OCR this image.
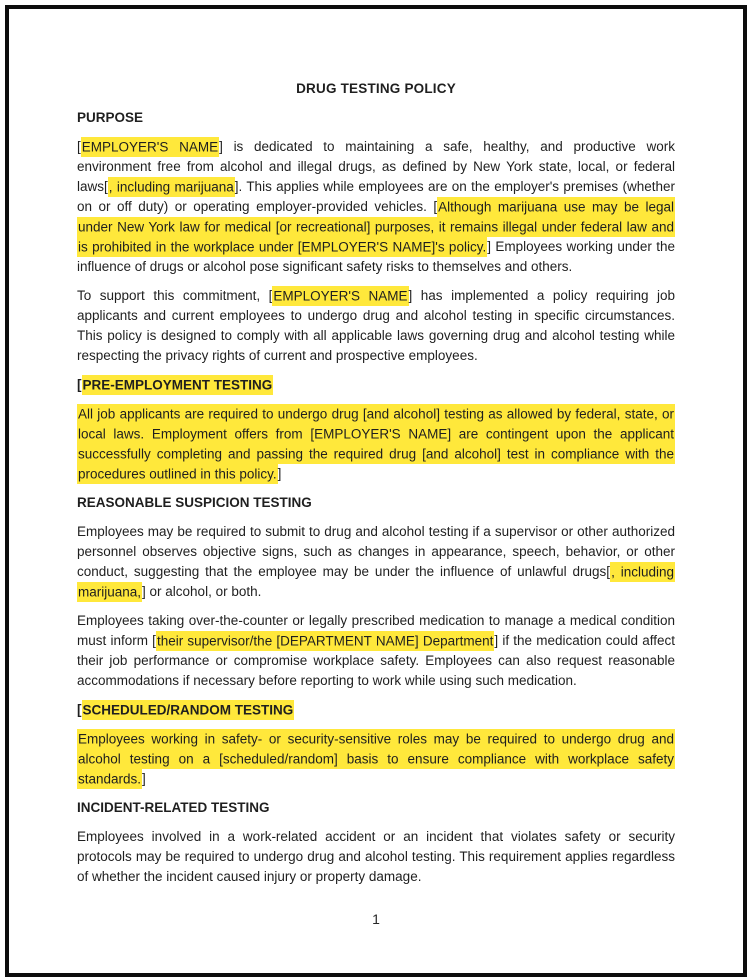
DRUG TESTING POLICY
PURPOSE
[EMPLOYER'S NAME] is dedicated to maintaining a safe, healthy, and productive work environment free from alcohol and illegal drugs, as defined by New York state, local, or federal laws[, including marijuana]. This applies while employees are on the employer's premises (whether on or off duty) or operating employer-provided vehicles. [Although marijuana use may be legal under New York law for medical [or recreational] purposes, it remains illegal under federal law and is prohibited in the workplace under [EMPLOYER'S NAME]'s policy.] Employees working under the influence of drugs or alcohol pose significant safety risks to themselves and others.
To support this commitment, [EMPLOYER'S NAME] has implemented a policy requiring job applicants and current employees to undergo drug and alcohol testing in specific circumstances. This policy is designed to comply with all applicable laws governing drug and alcohol testing while respecting the privacy rights of current and prospective employees.
[PRE-EMPLOYMENT TESTING
All job applicants are required to undergo drug [and alcohol] testing as allowed by federal, state, or local laws. Employment offers from [EMPLOYER'S NAME] are contingent upon the applicant successfully completing and passing the required drug [and alcohol] test in compliance with the procedures outlined in this policy.]
REASONABLE SUSPICION TESTING
Employees may be required to submit to drug and alcohol testing if a supervisor or other authorized personnel observes objective signs, such as changes in appearance, speech, behavior, or other conduct, suggesting that the employee may be under the influence of unlawful drugs[, including marijuana,] or alcohol, or both.
Employees taking over-the-counter or legally prescribed medication to manage a medical condition must inform [their supervisor/the [DEPARTMENT NAME] Department] if the medication could affect their job performance or compromise workplace safety. Employees can also request reasonable accommodations if necessary before reporting to work while using such medication.
[SCHEDULED/RANDOM TESTING
Employees working in safety- or security-sensitive roles may be required to undergo drug and alcohol testing on a [scheduled/random] basis to ensure compliance with workplace safety standards.]
INCIDENT-RELATED TESTING
Employees involved in a work-related accident or an incident that violates safety or security protocols may be required to undergo drug and alcohol testing. This requirement applies regardless of whether the incident caused injury or property damage.
1
